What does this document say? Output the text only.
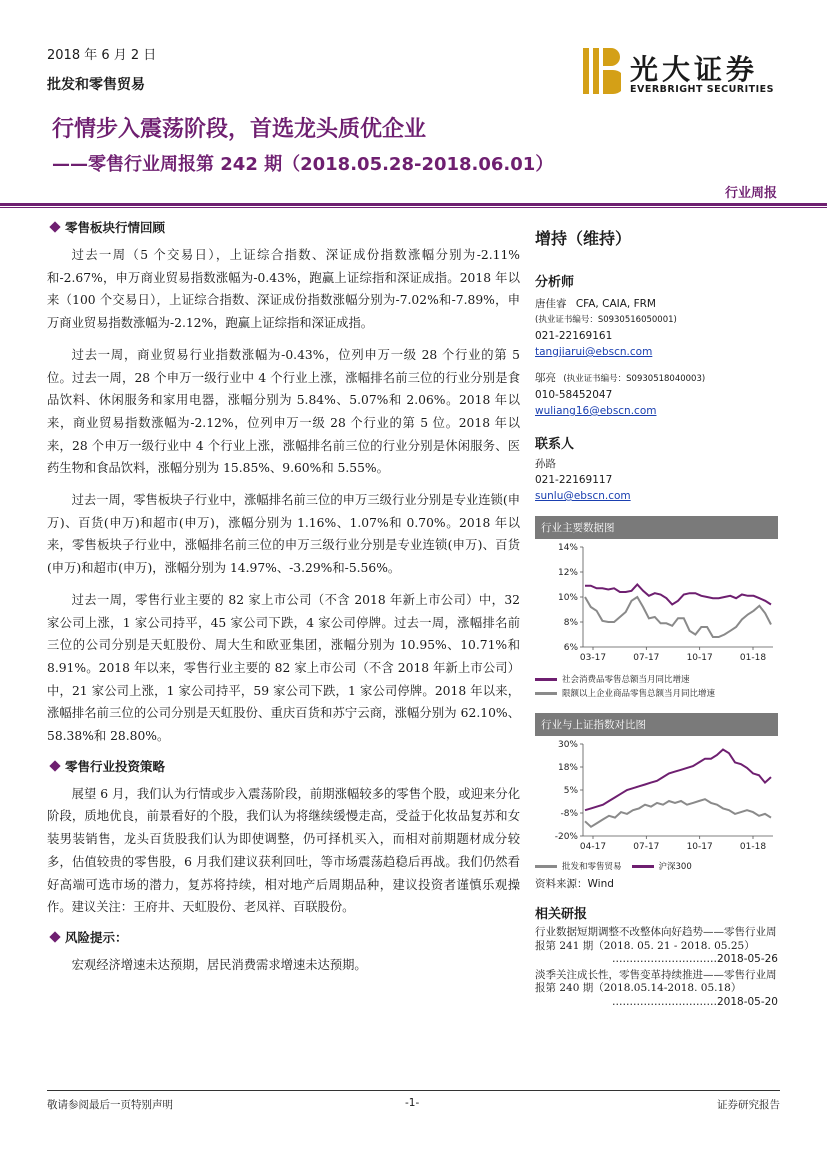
2018 年 6 月 2 日
批发和零售贸易	光大证券
EVERBRIGHT SECURITIES
行情步入震荡阶段，首选龙头质优企业
——零售行业周报第 242 期（2018.05.28-2018.06.01）
行业周报
零售板块行情回顾

过去一周（5 个交易日），上证综合指数、深证成份指数涨幅分别为-2.11%和-2.67%，申万商业贸易指数涨幅为-0.43%，跑赢上证综指和深证成指。2018 年以来（100 个交易日），上证综合指数、深证成份指数涨幅分别为-7.02%和-7.89%，申万商业贸易指数涨幅为-2.12%，跑赢上证综指和深证成指。

过去一周，商业贸易行业指数涨幅为-0.43%，位列申万一级 28 个行业的第 5 位。过去一周，28 个申万一级行业中 4 个行业上涨，涨幅排名前三位的行业分别是食品饮料、休闲服务和家用电器，涨幅分别为 5.84%、5.07%和 2.06%。2018 年以来，商业贸易指数涨幅为-2.12%，位列申万一级 28 个行业的第 5 位。2018 年以来，28 个申万一级行业中 4 个行业上涨，涨幅排名前三位的行业分别是休闲服务、医药生物和食品饮料，涨幅分别为 15.85%、9.60%和 5.55%。

过去一周，零售板块子行业中，涨幅排名前三位的申万三级行业分别是专业连锁(申万)、百货(申万)和超市(申万)，涨幅分别为 1.16%、1.07%和 0.70%。2018 年以来，零售板块子行业中，涨幅排名前三位的申万三级行业分别是专业连锁(申万)、百货(申万)和超市(申万)，涨幅分别为 14.97%、-3.29%和-5.56%。

过去一周，零售行业主要的 82 家上市公司（不含 2018 年新上市公司）中，32 家公司上涨，1 家公司持平，45 家公司下跌，4 家公司停牌。过去一周，涨幅排名前三位的公司分别是天虹股份、周大生和欧亚集团，涨幅分别为 10.95%、10.71%和 8.91%。2018 年以来，零售行业主要的 82 家上市公司（不含 2018 年新上市公司）中，21 家公司上涨，1 家公司持平，59 家公司下跌，1 家公司停牌。2018 年以来，涨幅排名前三位的公司分别是天虹股份、重庆百货和苏宁云商，涨幅分别为 62.10%、58.38%和 28.80%。

零售行业投资策略

展望 6 月，我们认为行情或步入震荡阶段，前期涨幅较多的零售个股，或迎来分化阶段，质地优良，前景看好的个股，我们认为将继续缓慢走高，受益于化妆品复苏和女装男装销售，龙头百货股我们认为即使调整，仍可择机买入，而相对前期题材成分较多，估值较贵的零售股，6 月我们建议获利回吐，等市场震荡趋稳后再战。我们仍然看好高端可选市场的潜力，复苏将持续，相对地产后周期品种，建议投资者谨慎乐观操作。建议关注：王府井、天虹股份、老凤祥、百联股份。

风险提示：

宏观经济增速未达预期，居民消费需求增速未达预期。

增持（维持）
分析师
唐佳睿 CFA, CAIA, FRM
(执业证书编号：S0930516050001)
021-22169161
tangjiarui@ebscn.com
邬亮 (执业证书编号：S0930518040003)
010-58452047
wuliang16@ebscn.com
联系人
孙路
021-22169117
sunlu@ebscn.com
行业主要数据图
14%
12%
10%
8%
6%
03-17	07-17	10-17	01-18
社会消费品零售总额当月同比增速
限额以上企业商品零售总额当月同比增速
行业与上证指数对比图
30%
18%
5%
-8%
-20%
04-17	07-17	10-17	01-18
批发和零售贸易	沪深300
资料来源：Wind
相关研报
行业数据短期调整不改整体向好趋势——零售行业周报第 241 期（2018. 05. 21 - 2018. 05.25）
…………………………2018-05-26
淡季关注成长性，零售变革持续推进——零售行业周报第 240 期（2018.05.14-2018. 05.18）
…………………………2018-05-20
敬请参阅最后一页特别声明	-1-	证券研究报告
